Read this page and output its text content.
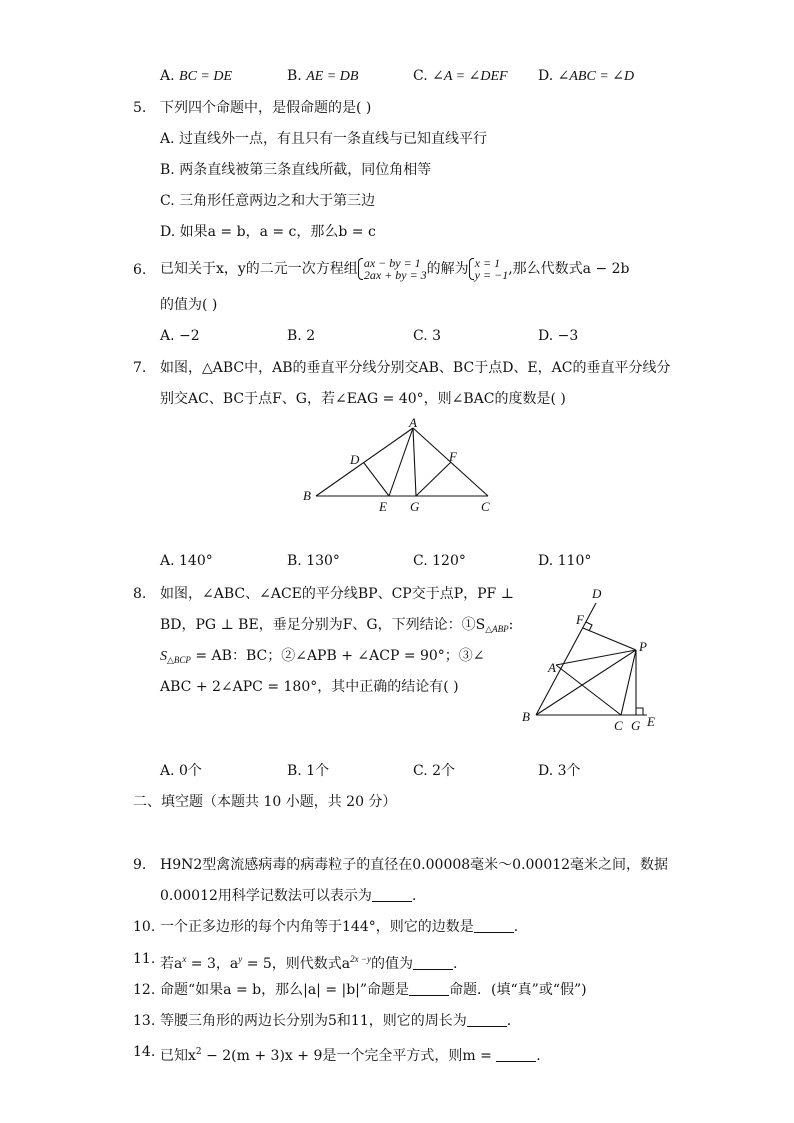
A. BC = DE	B. AE = DB	C. ∠A = ∠DEF D. ∠ABC = ∠D
5. 下列四个命题中，是假命题的是( )
A. 过直线外一点，有且只有一条直线与已知直线平行
B. 两条直线被第三条直线所截，同位角相等
C. 三角形任意两边之和大于第三边
D. 如果a = b，a = c，那么b = c
6. 已知关于x，y的二元一次方程组 ax − by = 1
2ax + by = 3的解为 x = 1
y = −1,那么代数式a − 2b
的值为( )
A. −2	B. 2	C. 3	D. −3
7. 如图，△ABC中，AB的垂直平分线分别交AB、BC于点D、E，AC的垂直平分线分
别交AC、BC于点F、G，若∠EAG = 40°，则∠BAC的度数是( )
A
B
C
D
E G
F
A. 140°	B. 130°	C. 120°	D. 110°
8. 如图，∠ABC、∠ACE的平分线BP、CP交于点P，PF ⊥
BD，PG ⊥ BE，垂足分别为F、G，下列结论：$①S_{\triangle ABP}$:
$S_{\triangle BCP}$ = AB：BC；②∠APB + ∠ACP = 90°；③∠
ABC + 2∠APC = 180°，其中正确的结论有( )
D
F
P
A
B
C G E
A. 0个	B. 1个	C. 2个	D. 3个
二、填空题（本题共 10 小题，共 20 分）
9. H9N2型禽流感病毒的病毒粒子的直径在0.00008毫米～0.00012毫米之间，数据
0.00012用科学记数法可以表示为	.
10. 一个正多边形的每个内角等于144°，则它的边数是	.
11. 若$a^x = 3$，$a^y = 5$，则代数式$a^{2x -y}$的值为	.
12. 命题“如果a = b，那么|a| = |b|”命题是	命题．(填“真”或“假”)
13. 等腰三角形的两边长分别为5和11，则它的周长为	.
14. 已知$x^2 - 2(m + 3)x + 9$是一个完全平方式，则m =	.
